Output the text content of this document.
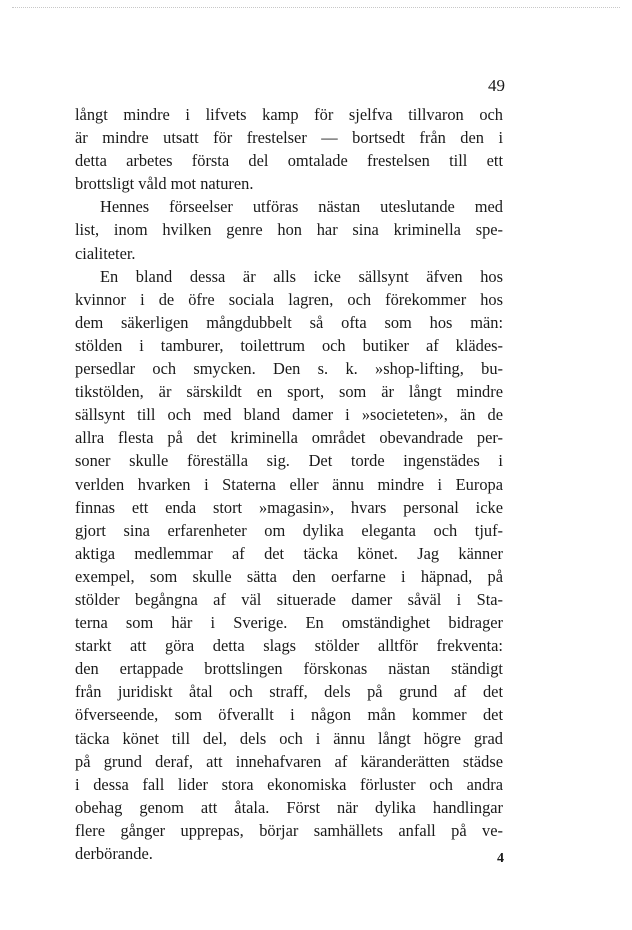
49
långt mindre i lifvets kamp för sjelfva tillvaron och
är mindre utsatt för frestelser — bortsedt från den i
detta arbetes första del omtalade frestelsen till ett
brottsligt våld mot naturen.
Hennes förseelser utföras nästan uteslutande med
list, inom hvilken genre hon har sina kriminella spe-
cialiteter.
En bland dessa är alls icke sällsynt äfven hos
kvinnor i de öfre sociala lagren, och förekommer hos
dem säkerligen mångdubbelt så ofta som hos män:
stölden i tamburer, toilettrum och butiker af klädes-
persedlar och smycken. Den s. k. »shop-lifting, bu-
tikstölden, är särskildt en sport, som är långt mindre
sällsynt till och med bland damer i »societeten», än de
allra flesta på det kriminella området obevandrade per-
soner skulle föreställa sig. Det torde ingenstädes i
verlden hvarken i Staterna eller ännu mindre i Europa
finnas ett enda stort »magasin», hvars personal icke
gjort sina erfarenheter om dylika eleganta och tjuf-
aktiga medlemmar af det täcka könet. Jag känner
exempel, som skulle sätta den oerfarne i häpnad, på
stölder begångna af väl situerade damer såväl i Sta-
terna som här i Sverige. En omständighet bidrager
starkt att göra detta slags stölder alltför frekventa:
den ertappade brottslingen förskonas nästan ständigt
från juridiskt åtal och straff, dels på grund af det
öfverseende, som öfverallt i någon mån kommer det
täcka könet till del, dels och i ännu långt högre grad
på grund deraf, att innehafvaren af käranderätten städse
i dessa fall lider stora ekonomiska förluster och andra
obehag genom att åtala. Först när dylika handlingar
flere gånger upprepas, börjar samhällets anfall på ve-
derbörande.	4
